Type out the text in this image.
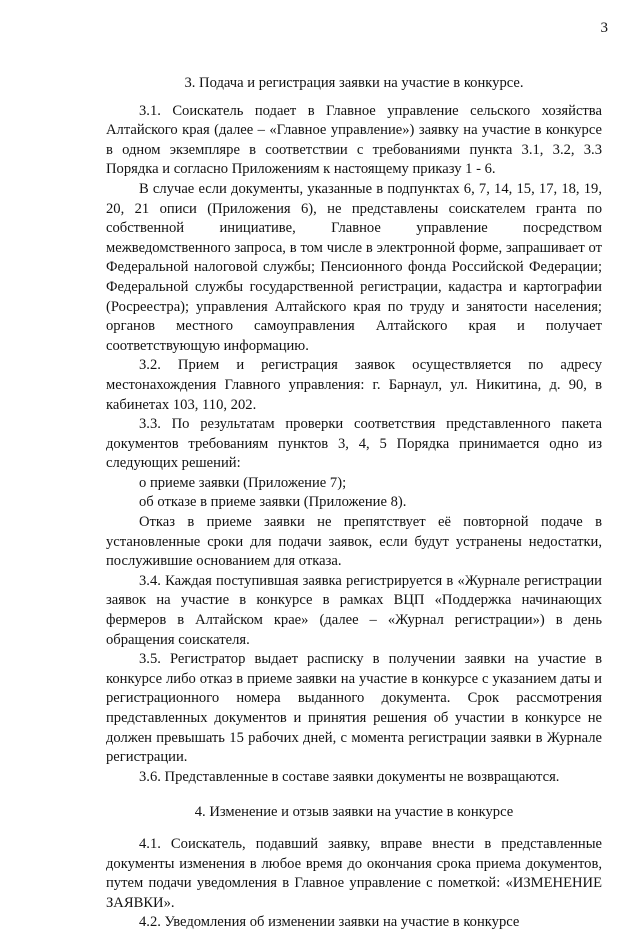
3

3. Подача и регистрация заявки на участие в конкурсе.

3.1. Соискатель подает в Главное управление сельского хозяйства Алтайского края (далее – «Главное управление») заявку на участие в конкурсе в одном экземпляре в соответствии с требованиями пункта 3.1, 3.2, 3.3 Порядка и согласно Приложениям к настоящему приказу 1 - 6.

В случае если документы, указанные в подпунктах 6, 7, 14, 15, 17, 18, 19, 20, 21 описи (Приложения 6), не представлены соискателем гранта по собственной инициативе, Главное управление посредством межведомственного запроса, в том числе в электронной форме, запрашивает от Федеральной налоговой службы; Пенсионного фонда Российской Федерации; Федеральной службы государственной регистрации, кадастра и картографии (Росреестра); управления Алтайского края по труду и занятости населения; органов местного самоуправления Алтайского края и получает соответствующую информацию.

3.2. Прием и регистрация заявок осуществляется по адресу местонахождения Главного управления: г. Барнаул, ул. Никитина, д. 90, в кабинетах 103, 110, 202.

3.3. По результатам проверки соответствия представленного пакета документов требованиям пунктов 3, 4, 5 Порядка принимается одно из следующих решений:

о приеме заявки (Приложение 7);

об отказе в приеме заявки (Приложение 8).

Отказ в приеме заявки не препятствует её повторной подаче в установленные сроки для подачи заявок, если будут устранены недостатки, послужившие основанием для отказа.

3.4. Каждая поступившая заявка регистрируется в «Журнале регистрации заявок на участие в конкурсе в рамках ВЦП «Поддержка начинающих фермеров в Алтайском крае» (далее – «Журнал регистрации») в день обращения соискателя.

3.5. Регистратор выдает расписку в получении заявки на участие в конкурсе либо отказ в приеме заявки на участие в конкурсе с указанием даты и регистрационного номера выданного документа. Срок рассмотрения представленных документов и принятия решения об участии в конкурсе не должен превышать 15 рабочих дней, с момента регистрации заявки в Журнале регистрации.

3.6. Представленные в составе заявки документы не возвращаются.

4. Изменение и отзыв заявки на участие в конкурсе

4.1. Соискатель, подавший заявку, вправе внести в представленные документы изменения в любое время до окончания срока приема документов, путем подачи уведомления в Главное управление с пометкой: «ИЗМЕНЕНИЕ ЗАЯВКИ».

4.2. Уведомления об изменении заявки на участие в конкурсе
